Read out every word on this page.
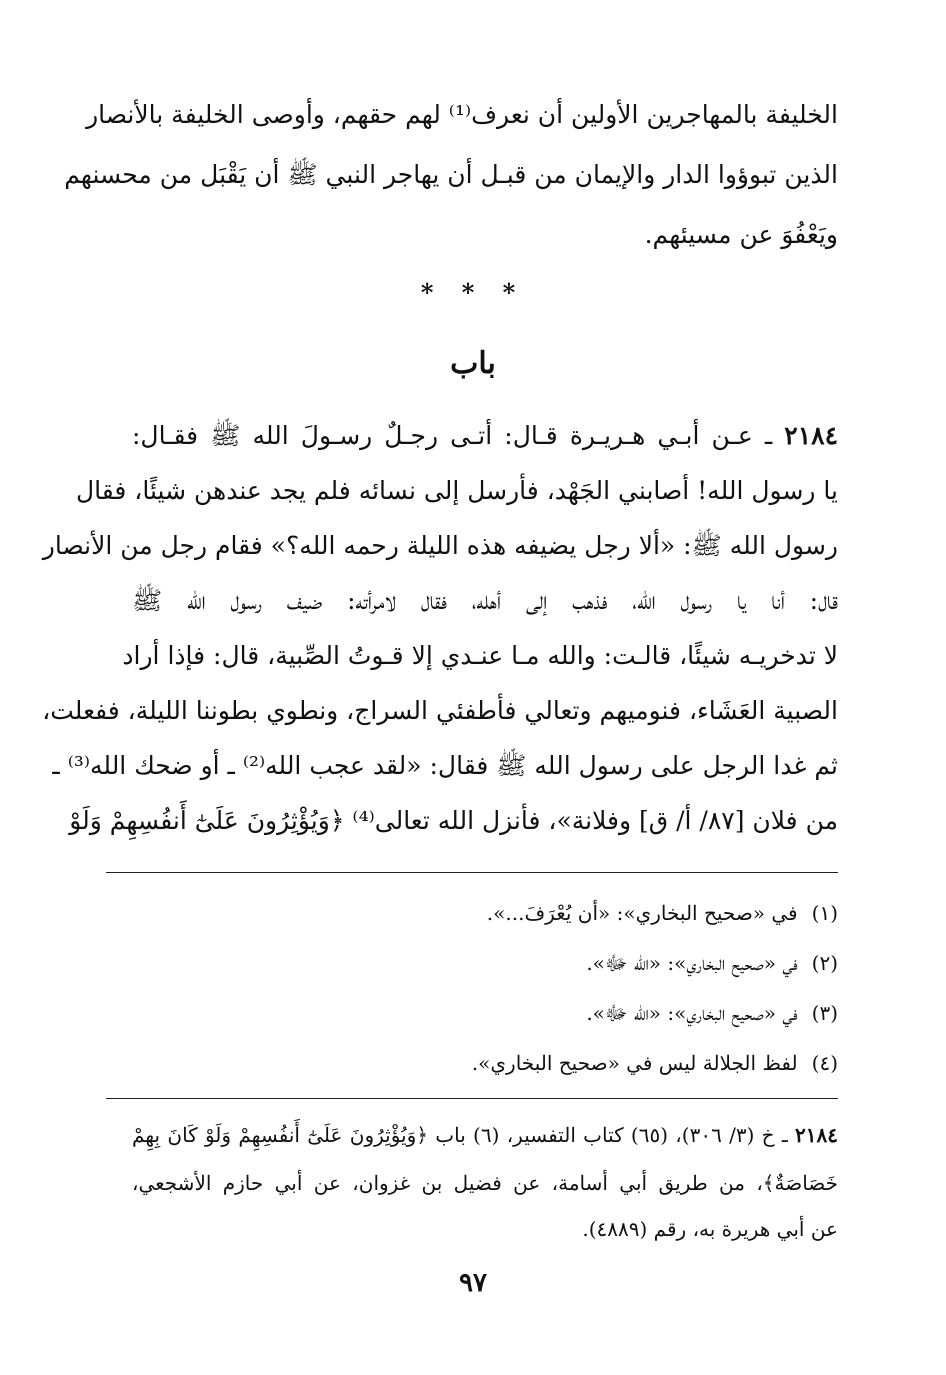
الخليفة بالمهاجرين الأولين أن نعرف⁽¹⁾ لهم حقهم، وأوصى الخليفة بالأنصار
الذين تبوؤوا الدار والإيمان من قبـل أن يهاجر النبي ﷺ أن يَقْبَل من محسنهم
ويَعْفُوَ عن مسيئهم.
* * *
باب
٢١٨٤ ـ عـن أبـي هـريـرة قـال: أتـى رجـلٌ رسـولَ الله ﷺ فقـال:
يا رسول الله! أصابني الجَهْد، فأرسل إلى نسائه فلم يجد عندهن شيئًا، فقال
رسول الله ﷺ: «ألا رجل يضيفه هذه الليلة رحمه الله؟» فقام رجل من الأنصار
قال: أنا يا رسول الله، فذهب إلى أهله، فقال لامرأته: ضيف رسول الله ﷺ
لا تدخريـه شيئًا، قالـت: والله مـا عنـدي إلا قـوتُ الصِّبية، قال: فإذا أراد
الصبية العَشَاء، فنوميهم وتعالي فأطفئي السراج، ونطوي بطوننا الليلة، ففعلت،
ثم غدا الرجل على رسول الله ﷺ فقال: «لقد عجب الله⁽²⁾ ـ أو ضحك الله⁽³⁾ ـ
من فلان [٨٧/ أ/ ق] وفلانة»، فأنزل الله تعالى⁽⁴⁾ ﴿وَيُؤْثِرُونَ عَلَىٰٓ أَنفُسِهِمْ وَلَوْ
(١)في «صحيح البخاري»: «أن يُعْرَفَ...».
(٢)في «صحيح البخاري»: «الله ﷻ».
(٣)في «صحيح البخاري»: «الله ﷻ».
(٤)لفظ الجلالة ليس في «صحيح البخاري».
٢١٨٤ ـ خ (٣/ ٣٠٦)، (٦٥) كتاب التفسير، (٦) باب ﴿وَيُؤْثِرُونَ عَلَىٰٓ أَنفُسِهِمْ وَلَوْ كَانَ بِهِمْ
خَصَاصَةٌ﴾، من طريق أبي أسامة، عن فضيل بن غزوان، عن أبي حازم الأشجعي،
عن أبي هريرة به، رقم (٤٨٨٩).
٩٧
